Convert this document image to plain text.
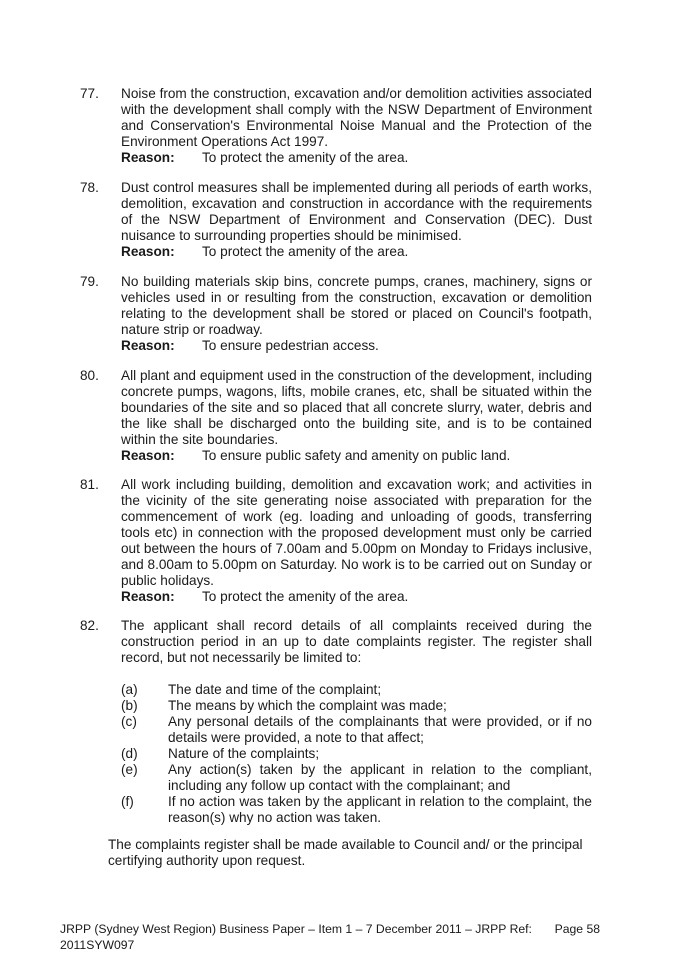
77.	Noise from the construction, excavation and/or demolition activities associated with the development shall comply with the NSW Department of Environment and Conservation's Environmental Noise Manual and the Protection of the Environment Operations Act 1997.
Reason: To protect the amenity of the area.
78.	Dust control measures shall be implemented during all periods of earth works, demolition, excavation and construction in accordance with the requirements of the NSW Department of Environment and Conservation (DEC). Dust nuisance to surrounding properties should be minimised.
Reason: To protect the amenity of the area.
79.	No building materials skip bins, concrete pumps, cranes, machinery, signs or vehicles used in or resulting from the construction, excavation or demolition relating to the development shall be stored or placed on Council's footpath, nature strip or roadway.
Reason: To ensure pedestrian access.
80.	All plant and equipment used in the construction of the development, including concrete pumps, wagons, lifts, mobile cranes, etc, shall be situated within the boundaries of the site and so placed that all concrete slurry, water, debris and the like shall be discharged onto the building site, and is to be contained within the site boundaries.
Reason: To ensure public safety and amenity on public land.
81.	All work including building, demolition and excavation work; and activities in the vicinity of the site generating noise associated with preparation for the commencement of work (eg. loading and unloading of goods, transferring tools etc) in connection with the proposed development must only be carried out between the hours of 7.00am and 5.00pm on Monday to Fridays inclusive, and 8.00am to 5.00pm on Saturday. No work is to be carried out on Sunday or public holidays.
Reason: To protect the amenity of the area.
82.	The applicant shall record details of all complaints received during the construction period in an up to date complaints register. The register shall record, but not necessarily be limited to:
(a) The date and time of the complaint;
(b) The means by which the complaint was made;
(c) Any personal details of the complainants that were provided, or if no details were provided, a note to that affect;
(d) Nature of the complaints;
(e) Any action(s) taken by the applicant in relation to the compliant, including any follow up contact with the complainant; and
(f)	If no action was taken by the applicant in relation to the complaint, the reason(s) why no action was taken.
The complaints register shall be made available to Council and/ or the principal certifying authority upon request.
JRPP (Sydney West Region) Business Paper – Item 1 – 7 December 2011 – JRPP Ref: 2011SYW097
Page 58
